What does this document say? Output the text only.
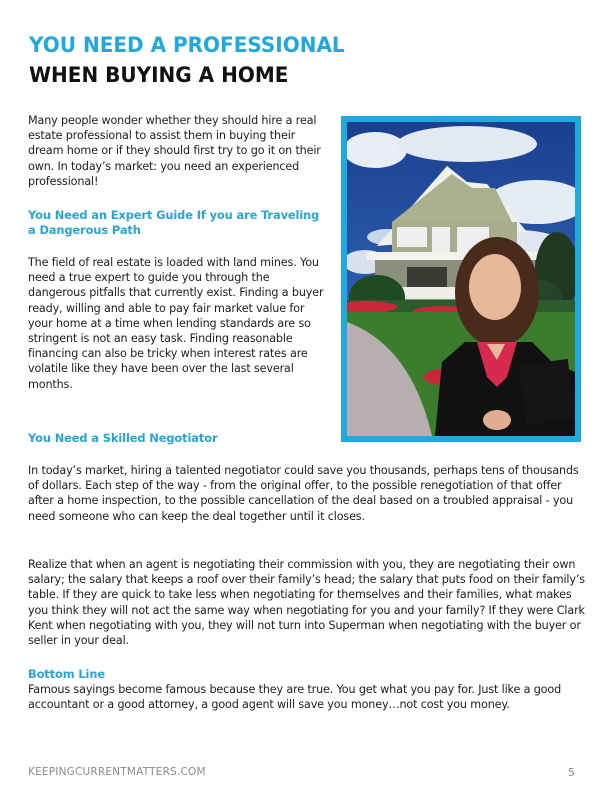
YOU NEED A PROFESSIONAL
WHEN BUYING A HOME
Many people wonder whether they should hire a real estate professional to assist them in buying their dream home or if they should first try to go it on their own. In today’s market: you need an experienced professional!
You Need an Expert Guide If you are Traveling a Dangerous Path
The field of real estate is loaded with land mines. You need a true expert to guide you through the dangerous pitfalls that currently exist. Finding a buyer ready, willing and able to pay fair market value for your home at a time when lending standards are so stringent is not an easy task. Finding reasonable financing can also be tricky when interest rates are volatile like they have been over the last several months.
You Need a Skilled Negotiator
In today’s market, hiring a talented negotiator could save you thousands, perhaps tens of thousands of dollars. Each step of the way - from the original offer, to the possible renegotiation of that offer after a home inspection, to the possible cancellation of the deal based on a troubled appraisal - you need someone who can keep the deal together until it closes.
Realize that when an agent is negotiating their commission with you, they are negotiating their own salary; the salary that keeps a roof over their family’s head; the salary that puts food on their family’s table. If they are quick to take less when negotiating for themselves and their families, what makes you think they will not act the same way when negotiating for you and your family? If they were Clark Kent when negotiating with you, they will not turn into Superman when negotiating with the buyer or seller in your deal.
Bottom Line
Famous sayings become famous because they are true. You get what you pay for. Just like a good accountant or a good attorney, a good agent will save you money…not cost you money.
KEEPINGCURRENTMATTERS.COM	5
